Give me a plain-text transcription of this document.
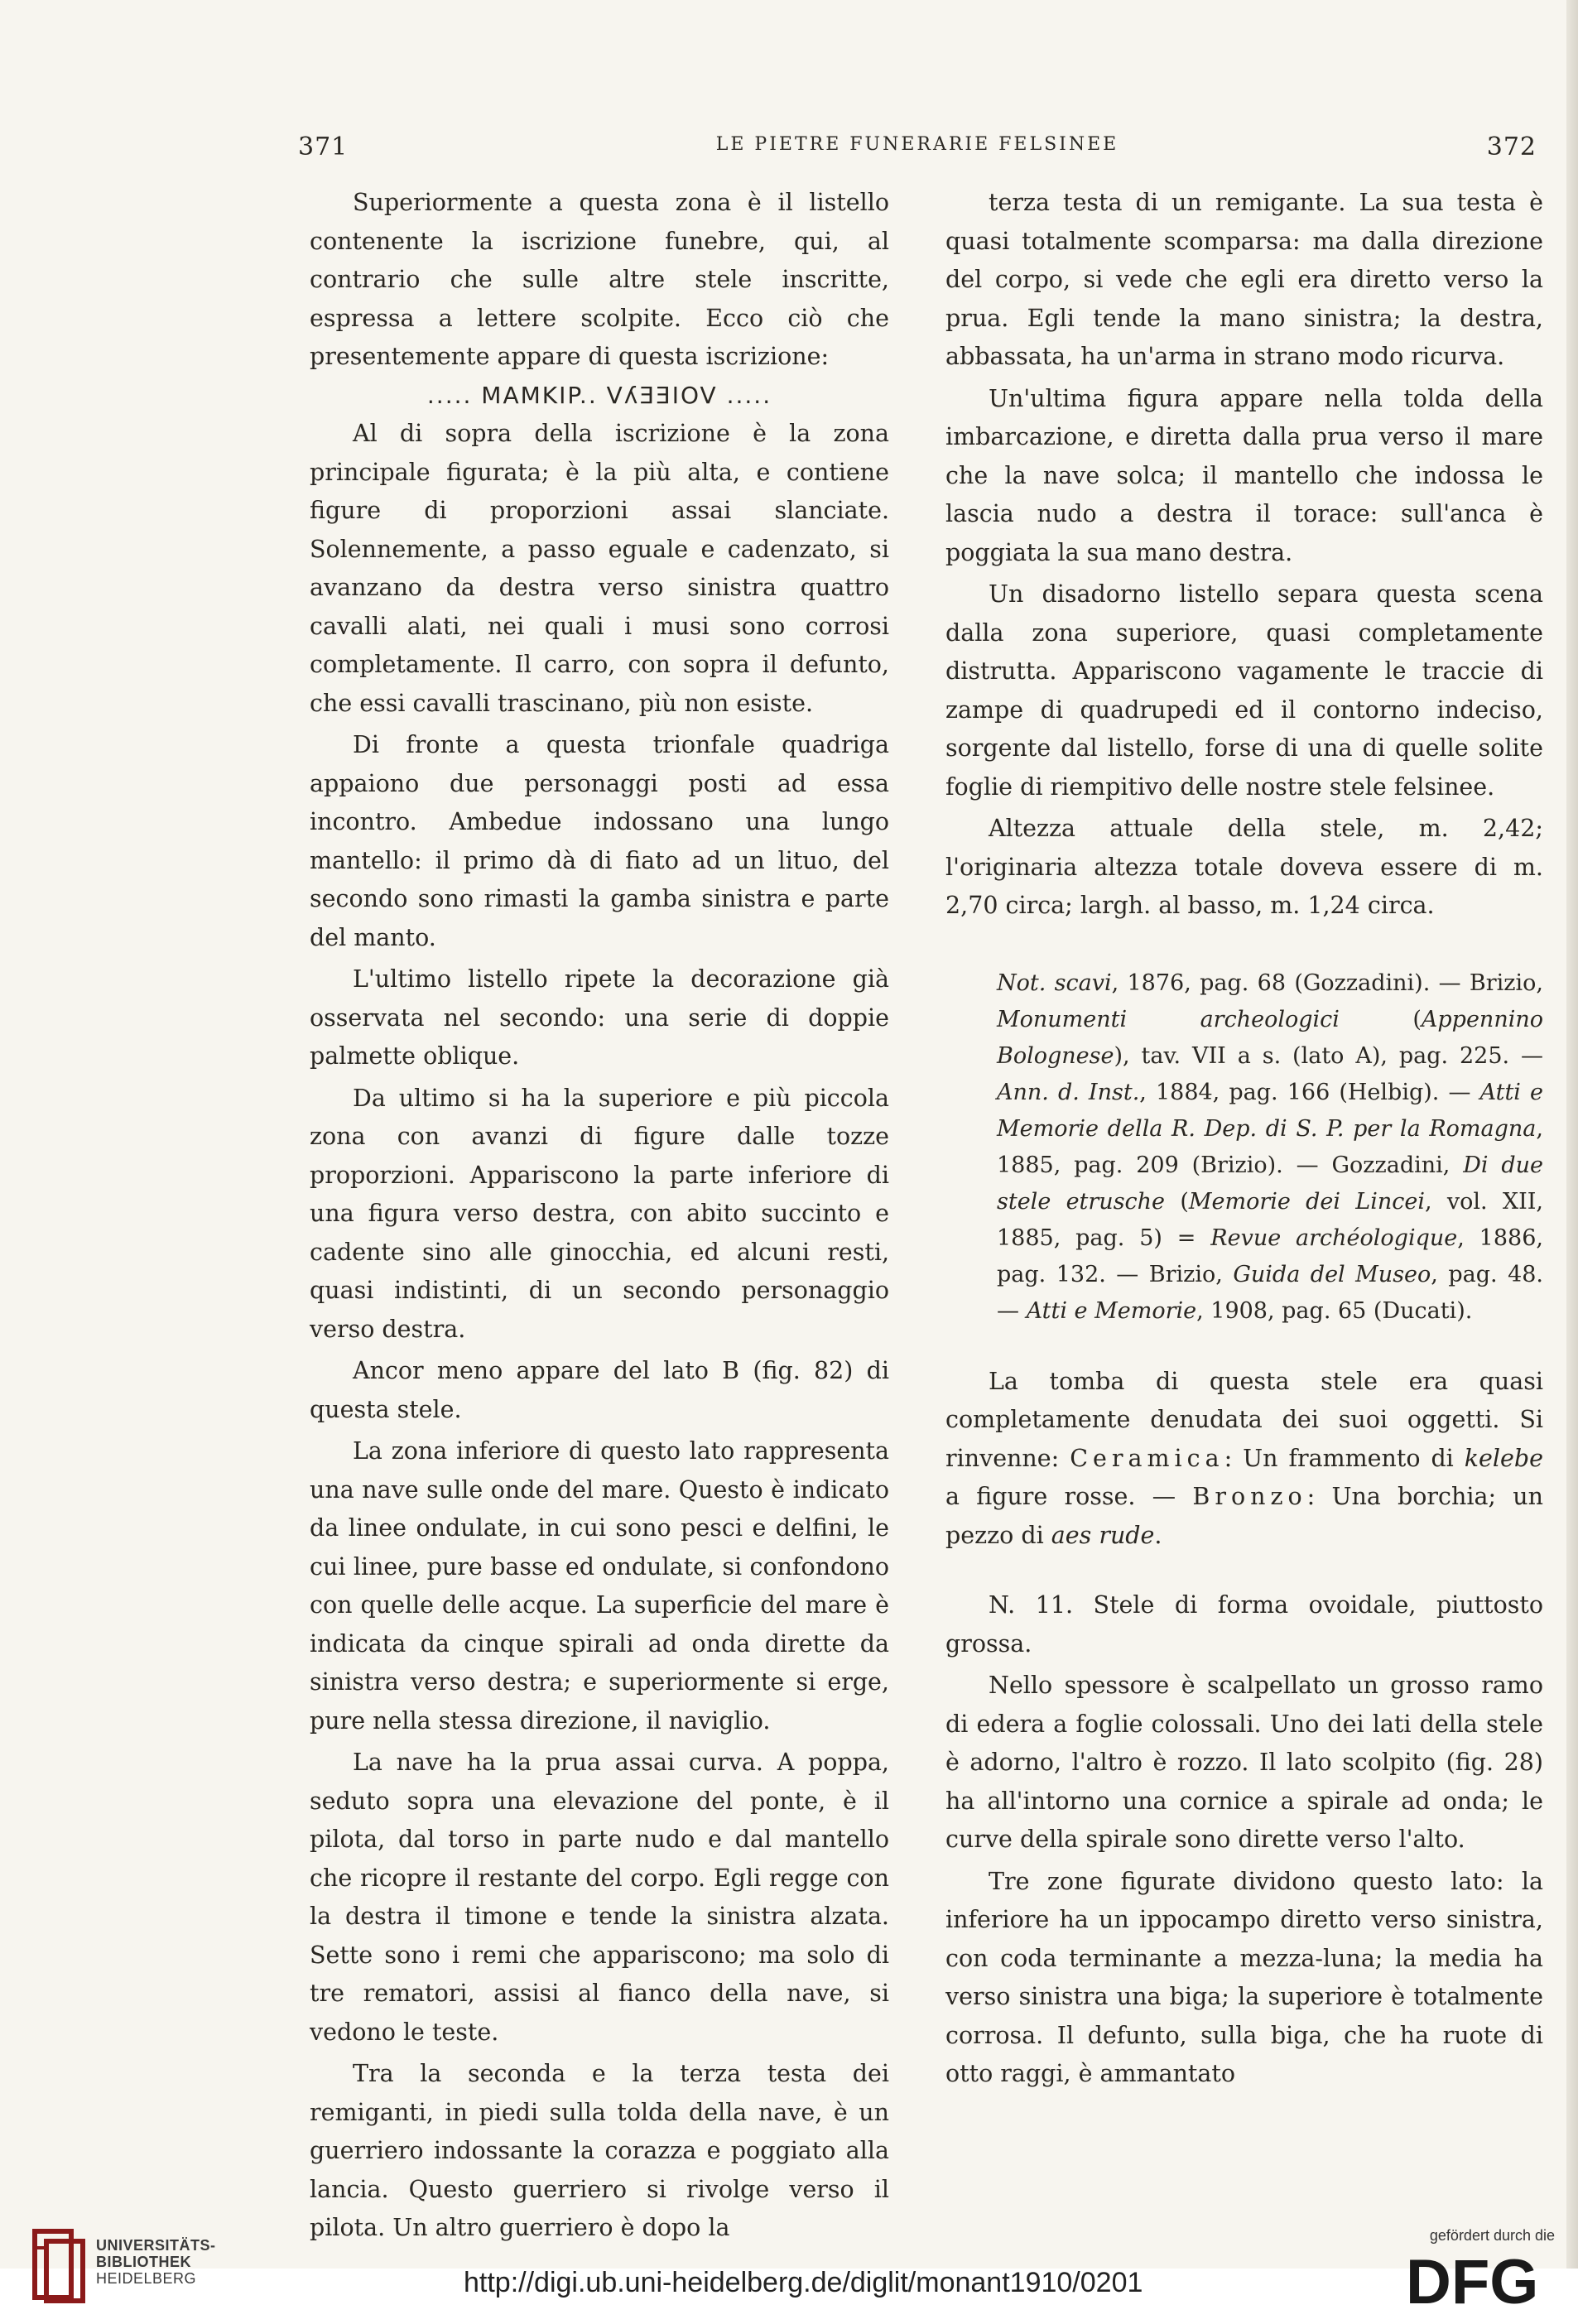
371	LE PIETRE FUNERARIE FELSINEE	372

Superiormente a questa zona è il listello contenente la iscrizione funebre, qui, al contrario che sulle altre stele inscritte, espressa a lettere scolpite. Ecco ciò che presentemente appare di questa iscrizione:

..... MAMKIP.. VʎƎƎIOV .....

Al di sopra della iscrizione è la zona principale figurata; è la più alta, e contiene figure di proporzioni assai slanciate. Solennemente, a passo eguale e cadenzato, si avanzano da destra verso sinistra quattro cavalli alati, nei quali i musi sono corrosi completamente. Il carro, con sopra il defunto, che essi cavalli trascinano, più non esiste.

Di fronte a questa trionfale quadriga appaiono due personaggi posti ad essa incontro. Ambedue indossano una lungo mantello: il primo dà di fiato ad un lituo, del secondo sono rimasti la gamba sinistra e parte del manto.

L'ultimo listello ripete la decorazione già osservata nel secondo: una serie di doppie palmette oblique.

Da ultimo si ha la superiore e più piccola zona con avanzi di figure dalle tozze proporzioni. Appariscono la parte inferiore di una figura verso destra, con abito succinto e cadente sino alle ginocchia, ed alcuni resti, quasi indistinti, di un secondo personaggio verso destra.

Ancor meno appare del lato B (fig. 82) di questa stele.

La zona inferiore di questo lato rappresenta una nave sulle onde del mare. Questo è indicato da linee ondulate, in cui sono pesci e delfini, le cui linee, pure basse ed ondulate, si confondono con quelle delle acque. La superficie del mare è indicata da cinque spirali ad onda dirette da sinistra verso destra; e superiormente si erge, pure nella stessa direzione, il naviglio.

La nave ha la prua assai curva. A poppa, seduto sopra una elevazione del ponte, è il pilota, dal torso in parte nudo e dal mantello che ricopre il restante del corpo. Egli regge con la destra il timone e tende la sinistra alzata. Sette sono i remi che appariscono; ma solo di tre rematori, assisi al fianco della nave, si vedono le teste.

Tra la seconda e la terza testa dei remiganti, in piedi sulla tolda della nave, è un guerriero indossante la corazza e poggiato alla lancia. Questo guerriero si rivolge verso il pilota. Un altro guerriero è dopo la

terza testa di un remigante. La sua testa è quasi totalmente scomparsa: ma dalla direzione del corpo, si vede che egli era diretto verso la prua. Egli tende la mano sinistra; la destra, abbassata, ha un'arma in strano modo ricurva.

Un'ultima figura appare nella tolda della imbarcazione, e diretta dalla prua verso il mare che la nave solca; il mantello che indossa le lascia nudo a destra il torace: sull'anca è poggiata la sua mano destra.

Un disadorno listello separa questa scena dalla zona superiore, quasi completamente distrutta. Appariscono vagamente le traccie di zampe di quadrupedi ed il contorno indeciso, sorgente dal listello, forse di una di quelle solite foglie di riempitivo delle nostre stele felsinee.

Altezza attuale della stele, m. 2,42; l'originaria altezza totale doveva essere di m. 2,70 circa; largh. al basso, m. 1,24 circa.

Not. scavi, 1876, pag. 68 (Gozzadini). — Brizio, Monumenti archeologici (Appennino Bolognese), tav. VII a s. (lato A), pag. 225. — Ann. d. Inst., 1884, pag. 166 (Helbig). — Atti e Memorie della R. Dep. di S. P. per la Romagna, 1885, pag. 209 (Brizio). — Gozzadini, Di due stele etrusche (Memorie dei Lincei, vol. XII, 1885, pag. 5) = Revue archéologique, 1886, pag. 132. — Brizio, Guida del Museo, pag. 48. — Atti e Memorie, 1908, pag. 65 (Ducati).

La tomba di questa stele era quasi completamente denudata dei suoi oggetti. Si rinvenne: Ceramica: Un frammento di kelebe a figure rosse. — Bronzo: Una borchia; un pezzo di aes rude.

N. 11. Stele di forma ovoidale, piuttosto grossa.

Nello spessore è scalpellato un grosso ramo di edera a foglie colossali. Uno dei lati della stele è adorno, l'altro è rozzo. Il lato scolpito (fig. 28) ha all'intorno una cornice a spirale ad onda; le curve della spirale sono dirette verso l'alto.

Tre zone figurate dividono questo lato: la inferiore ha un ippocampo diretto verso sinistra, con coda terminante a mezza-luna; la media ha verso sinistra una biga; la superiore è totalmente corrosa. Il defunto, sulla biga, che ha ruote di otto raggi, è ammantato

UNIVERSITÄTS-
BIBLIOTHEK
HEIDELBERG	http://digi.ub.uni-heidelberg.de/diglit/monant1910/0201
gefördert durch die
DFG
